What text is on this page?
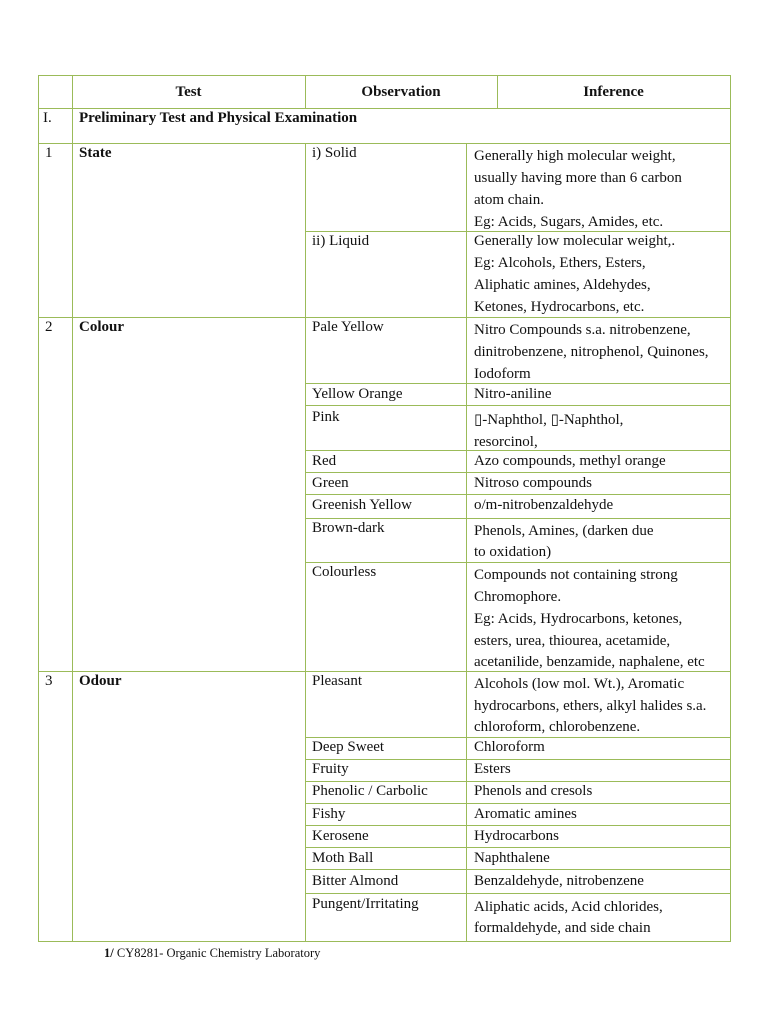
Test	Observation	Inference
I. Preliminary Test and Physical Examination
1 State	i) Solid	Generally high molecular weight,
usually having more than 6 carbon
atom chain.
Eg: Acids, Sugars, Amides, etc.
ii) Liquid	Generally low molecular weight,.
Eg: Alcohols, Ethers, Esters,
Aliphatic amines, Aldehydes,
Ketones, Hydrocarbons, etc.
2 Colour	Pale Yellow	Nitro Compounds s.a. nitrobenzene,
dinitrobenzene, nitrophenol, Quinones,
Iodoform
Yellow Orange	Nitro-aniline
Pink	▯-Naphthol, ▯-Naphthol,
resorcinol,
Red	Azo compounds, methyl orange
Green	Nitroso compounds
Greenish Yellow	o/m-nitrobenzaldehyde
Brown-dark	Phenols, Amines, (darken due
to oxidation)
Colourless	Compounds not containing strong
Chromophore.
Eg: Acids, Hydrocarbons, ketones,
esters, urea, thiourea, acetamide,
acetanilide, benzamide, naphalene, etc
3 Odour	Pleasant	Alcohols (low mol. Wt.), Aromatic
hydrocarbons, ethers, alkyl halides s.a.
chloroform, chlorobenzene.
Deep Sweet	Chloroform
Fruity	Esters
Phenolic / Carbolic	Phenols and cresols
Fishy	Aromatic amines
Kerosene	Hydrocarbons
Moth Ball	Naphthalene
Bitter Almond	Benzaldehyde, nitrobenzene
Pungent/Irritating	Aliphatic acids, Acid chlorides,
formaldehyde, and side chain
1/ CY8281- Organic Chemistry Laboratory
